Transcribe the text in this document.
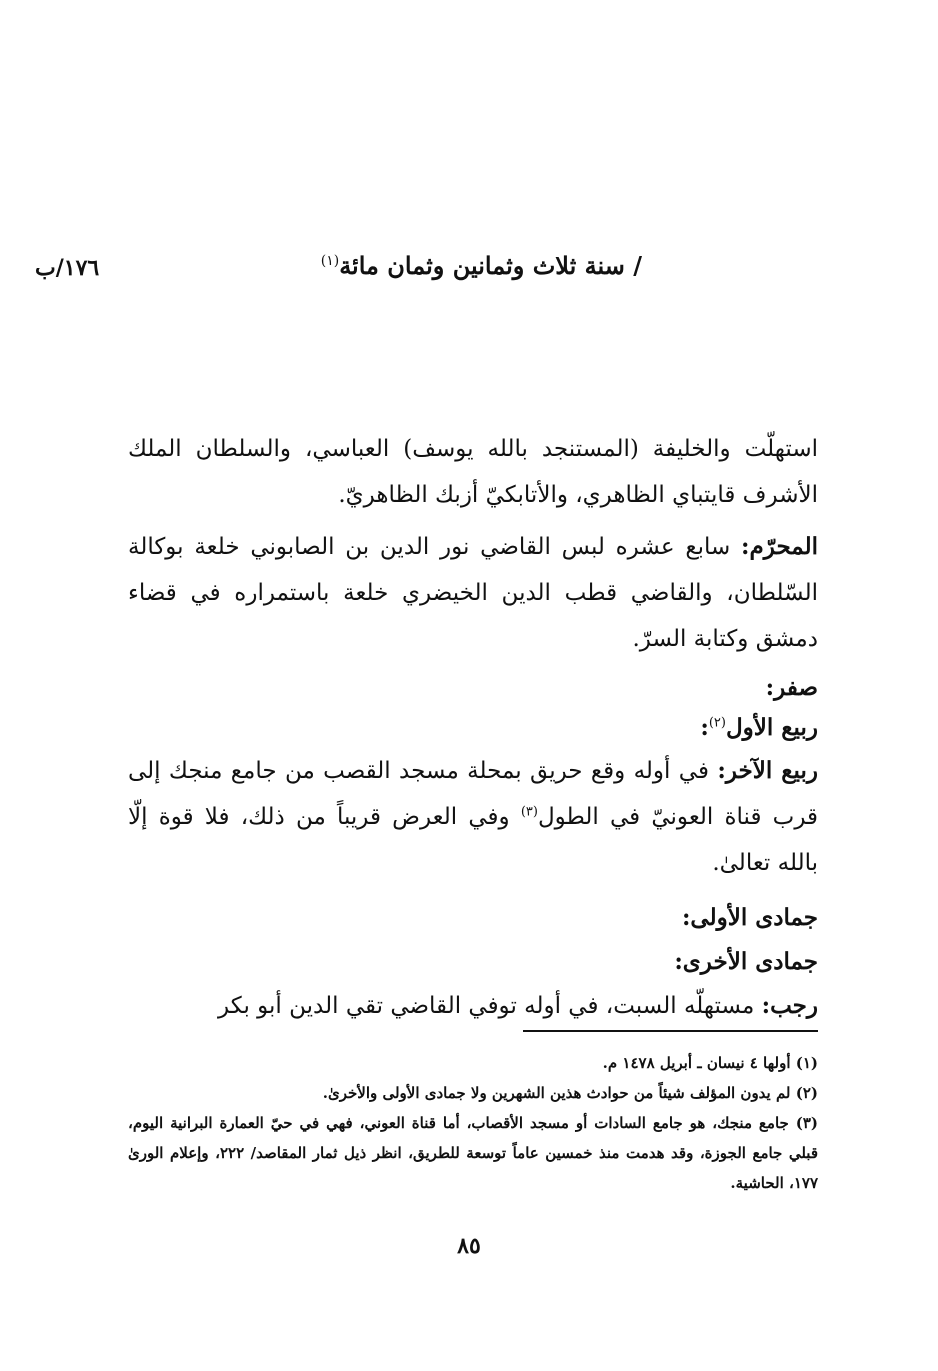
١٧٦/ب	/ سنة ثلاث وثمانين وثمان مائة$^{(١)}$

استهلّت والخليفة (المستنجد بالله يوسف) العباسي، والسلطان الملك الأشرف قايتباي الظاهري، والأتابكيّ أزبك الظاهريّ.

المحرّم: سابع عشره لبس القاضي نور الدين بن الصابوني خلعة بوكالة السّلطان، والقاضي قطب الدين الخيضري خلعة باستمراره في قضاء دمشق وكتابة السرّ.

صفر:

ربيع الأول$^{(٢)}$:

ربيع الآخر: في أوله وقع حريق بمحلة مسجد القصب من جامع منجك إلى قرب قناة العونيّ في الطول$^{(٣)}$ وفي العرض قريباً من ذلك، فلا قوة إلّا بالله تعالىٰ.

جمادى الأولى:

جمادى الأخرى:

رجب: مستهلّه السبت، في أوله توفي القاضي تقي الدين أبو بكر

(١) أولها ٤ نيسان ـ أبريل ١٤٧٨ م.

(٢) لم يدون المؤلف شيئاً من حوادث هذين الشهرين ولا جمادى الأولى والأخرىٰ.

(٣) جامع منجك، هو جامع السادات أو مسجد الأقصاب، أما قناة العوني، فهي في حيّ العمارة البرانية اليوم، قبلي جامع الجوزة، وقد هدمت منذ خمسين عاماً توسعة للطريق، انظر ذيل ثمار المقاصد/ ٢٢٢، وإعلام الورىٰ ١٧٧، الحاشية.

٨٥
